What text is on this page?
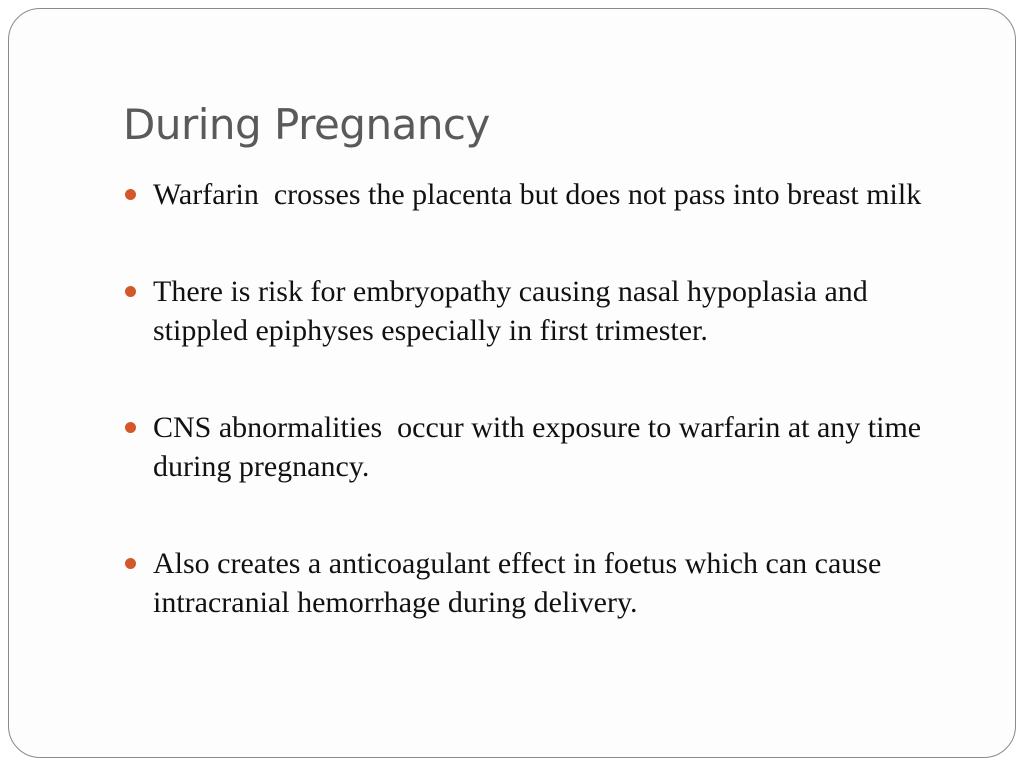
During Pregnancy
Warfarin  crosses the placenta but does not pass into breast milk
There is risk for embryopathy causing nasal hypoplasia and stippled epiphyses especially in first trimester.
CNS abnormalities  occur with exposure to warfarin at any time during pregnancy.
Also creates a anticoagulant effect in foetus which can cause intracranial hemorrhage during delivery.
